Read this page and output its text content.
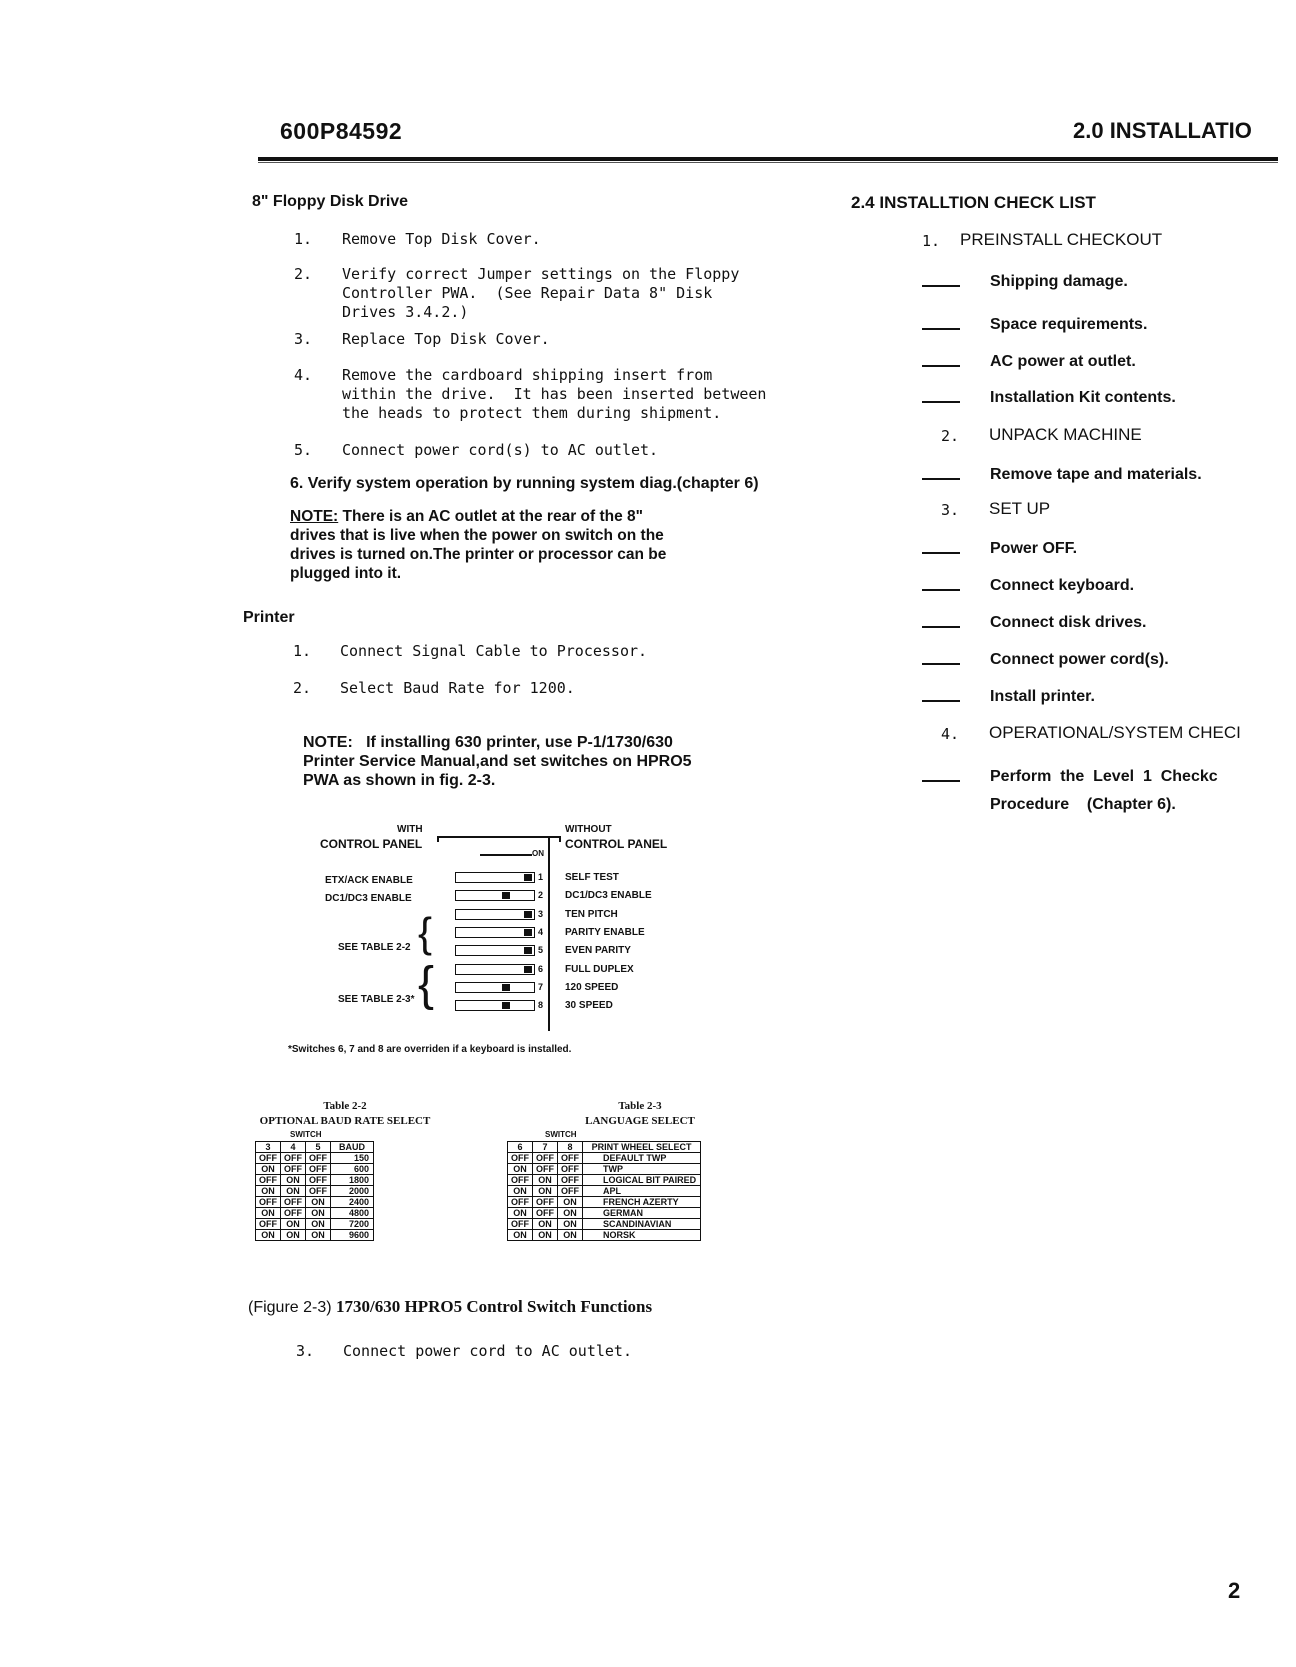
600P84592	2.0 INSTALLATIO
8" Floppy Disk Drive
1. Remove Top Disk Cover.
2. Verify correct Jumper settings on the Floppy
Controller PWA.  (See Repair Data 8" Disk
Drives 3.4.2.)
3. Replace Top Disk Cover.
4. Remove the cardboard shipping insert from
within the drive.  It has been inserted between
the heads to protect them during shipment.
5. Connect power cord(s) to AC outlet.
6. Verify system operation by running system diag.(chapter 6)
NOTE: There is an AC outlet at the rear of the 8"
drives that is live when the power on switch on the
drives is turned on.The printer or processor can be
plugged into it.
Printer
1. Connect Signal Cable to Processor.
2. Select Baud Rate for 1200.
NOTE:   If installing 630 printer, use P-1/1730/630
Printer Service Manual,and set switches on HPRO5
PWA as shown in fig. 2-3.
WITH
CONTROL PANEL
WITHOUT
CONTROL PANEL
ON
ETX/ACK ENABLE
DC1/DC3 ENABLE
SEE TABLE 2-2 {
SEE TABLE 2-3* {
1 SELF TEST
2 DC1/DC3 ENABLE
3 TEN PITCH
4 PARITY ENABLE
5 EVEN PARITY
6 FULL DUPLEX
7 120 SPEED
8 30 SPEED
*Switches 6, 7 and 8 are overriden if a keyboard is installed.
Table 2-2
OPTIONAL BAUD RATE SELECT
SWITCH
3	4	5	BAUD
OFF	OFF	OFF	150
ON	OFF	OFF	600
OFF	ON	OFF	1800
ON	ON	OFF	2000
OFF	OFF	ON	2400
ON	OFF	ON	4800
OFF	ON	ON	7200
ON	ON	ON	9600
Table 2-3
LANGUAGE SELECT
SWITCH
6	7	8	PRINT WHEEL SELECT
OFF	OFF	OFF	DEFAULT TWP
ON	OFF	OFF	TWP
OFF	ON	OFF	LOGICAL BIT PAIRED
ON	ON	OFF	APL
OFF	OFF	ON	FRENCH AZERTY
ON	OFF	ON	GERMAN
OFF	ON	ON	SCANDINAVIAN
ON	ON	ON	NORSK
(Figure 2-3) 1730/630 HPRO5 Control Switch Functions
3. Connect power cord to AC outlet.
2.4 INSTALLTION CHECK LIST
1. PREINSTALL CHECKOUT
Shipping damage.
Space requirements.
AC power at outlet.
Installation Kit contents.
2. UNPACK MACHINE
Remove tape and materials.
3. SET UP
Power OFF.
Connect keyboard.
Connect disk drives.
Connect power cord(s).
Install printer.
4. OPERATIONAL/SYSTEM CHECI
Perform  the  Level  1  Checkc
Procedure    (Chapter 6).
2
